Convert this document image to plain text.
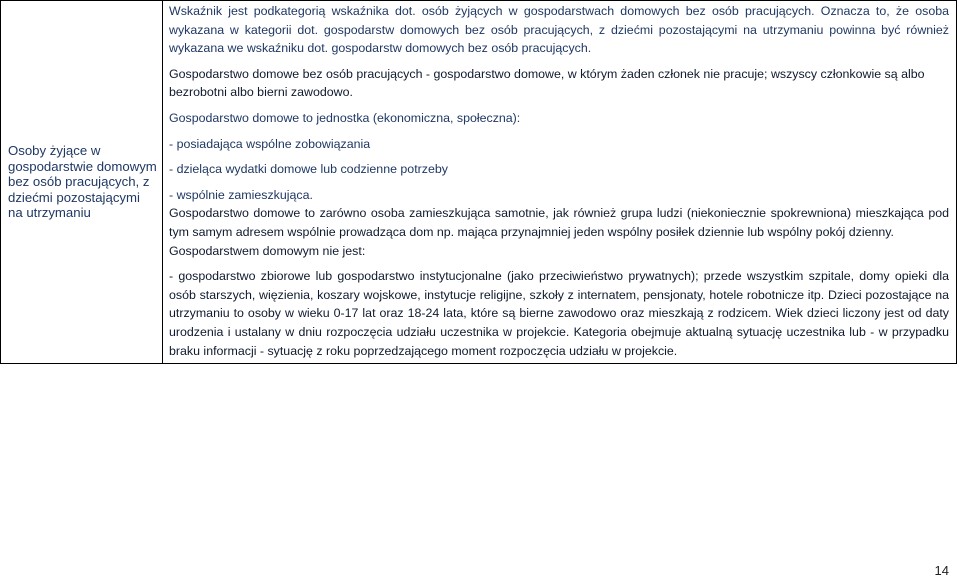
Osoby żyjące w gospodarstwie domowym bez osób pracujących, z dziećmi pozostającymi na utrzymaniu	

Wskaźnik jest podkategorią wskaźnika dot. osób żyjących w gospodarstwach domowych bez osób pracujących. Oznacza to, że osoba wykazana w kategorii dot. gospodarstw domowych bez osób pracujących, z dziećmi pozostającymi na utrzymaniu powinna być również wykazana we wskaźniku dot. gospodarstw domowych bez osób pracujących.

Gospodarstwo domowe bez osób pracujących - gospodarstwo domowe, w którym żaden członek nie pracuje; wszyscy członkowie są albo bezrobotni albo bierni zawodowo.

Gospodarstwo domowe to jednostka (ekonomiczna, społeczna):

- posiadająca wspólne zobowiązania

- dzieląca wydatki domowe lub codzienne potrzeby

- wspólnie zamieszkująca.

Gospodarstwo domowe to zarówno osoba zamieszkująca samotnie, jak również grupa ludzi (niekoniecznie spokrewniona) mieszkająca pod tym samym adresem wspólnie prowadząca dom np. mająca przynajmniej jeden wspólny posiłek dziennie lub wspólny pokój dzienny.

Gospodarstwem domowym nie jest:

- gospodarstwo zbiorowe lub gospodarstwo instytucjonalne (jako przeciwieństwo prywatnych); przede wszystkim szpitale, domy opieki dla osób starszych, więzienia, koszary wojskowe, instytucje religijne, szkoły z internatem, pensjonaty, hotele robotnicze itp. Dzieci pozostające na utrzymaniu to osoby w wieku 0-17 lat oraz 18-24 lata, które są bierne zawodowo oraz mieszkają z rodzicem. Wiek dzieci liczony jest od daty urodzenia i ustalany w dniu rozpoczęcia udziału uczestnika w projekcie. Kategoria obejmuje aktualną sytuację uczestnika lub - w przypadku braku informacji - sytuację z roku poprzedzającego moment rozpoczęcia udziału w projekcie.

14
